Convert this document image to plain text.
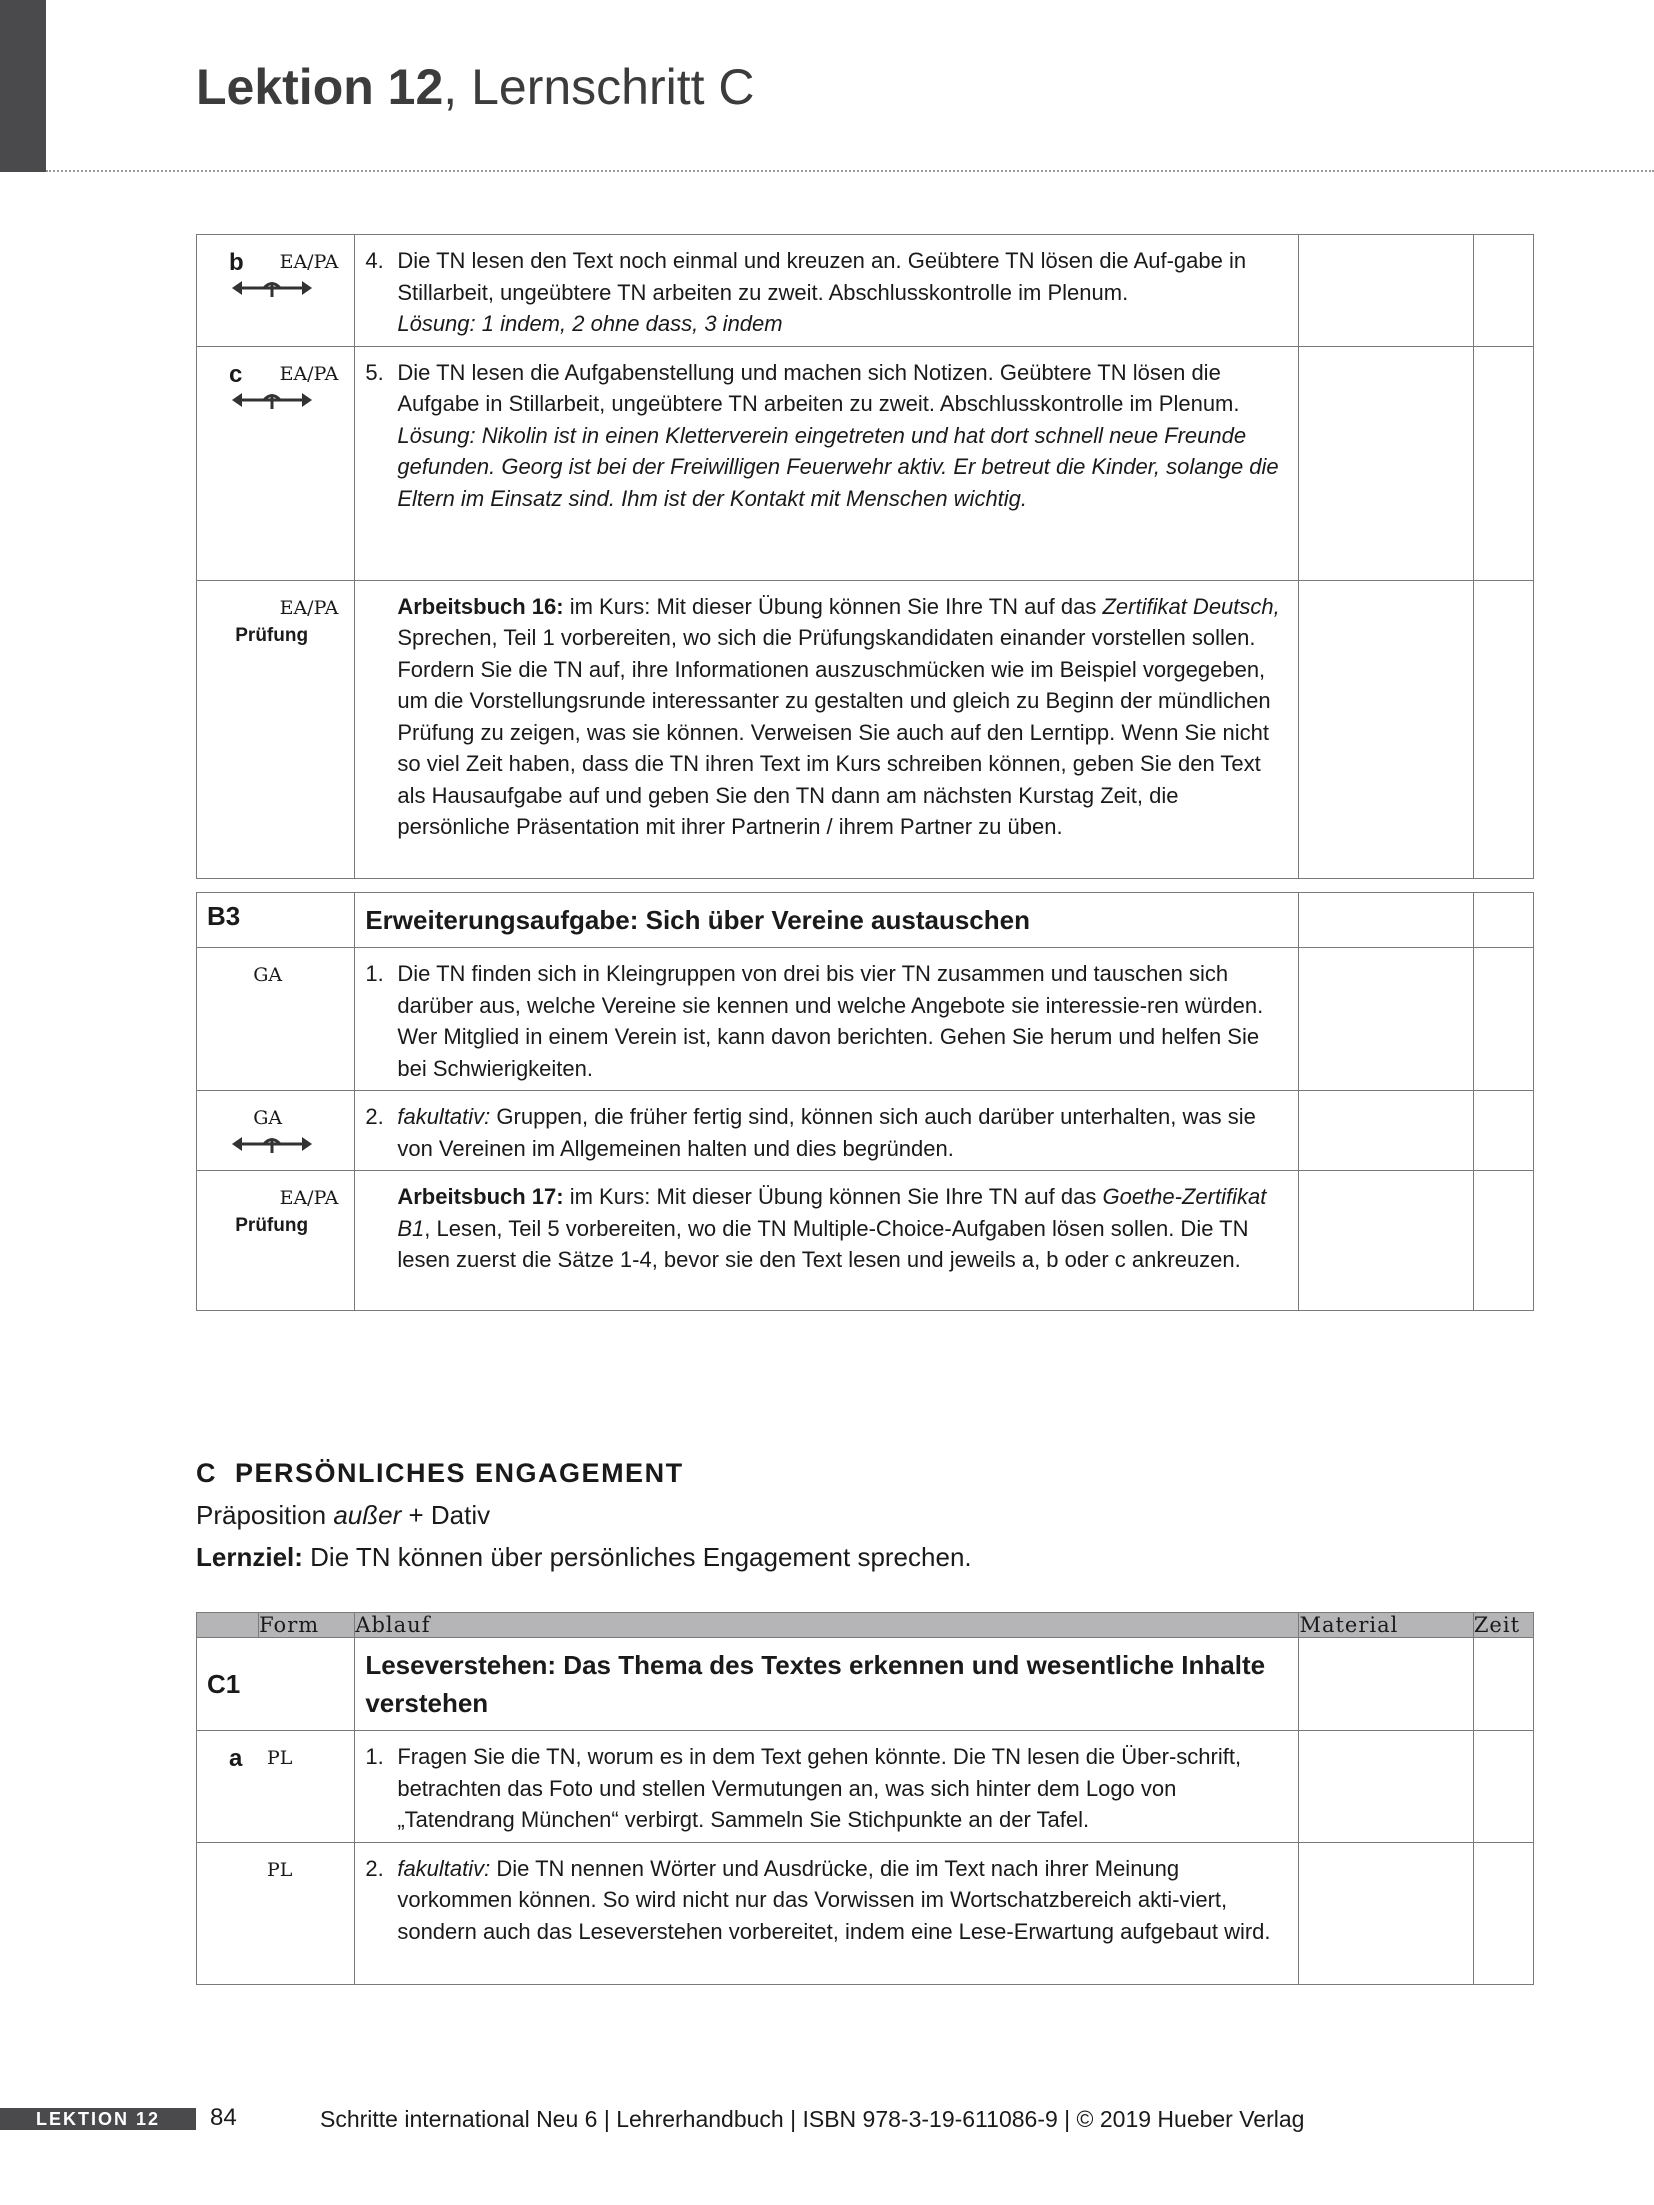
Lektion 12, Lernschritt C
b EA/PA	4. Die TN lesen den Text noch einmal und kreuzen an. Geübtere TN lösen die Auf-gabe in Stillarbeit, ungeübtere TN arbeiten zu zweit. Abschlusskontrolle im Plenum.
Lösung: 1 indem, 2 ohne dass, 3 indem		

c EA/PA	5. Die TN lesen die Aufgabenstellung und machen sich Notizen. Geübtere TN lösen die Aufgabe in Stillarbeit, ungeübtere TN arbeiten zu zweit. Abschlusskontrolle im Plenum.
Lösung: Nikolin ist in einen Kletterverein eingetreten und hat dort schnell neue Freunde gefunden. Georg ist bei der Freiwilligen Feuerwehr aktiv. Er betreut die Kinder, solange die Eltern im Einsatz sind. Ihm ist der Kontakt mit Menschen wichtig.		

EA/PA
Prüfung	Arbeitsbuch 16: im Kurs: Mit dieser Übung können Sie Ihre TN auf das Zertifikat Deutsch, Sprechen, Teil 1 vorbereiten, wo sich die Prüfungskandidaten einander vorstellen sollen. Fordern Sie die TN auf, ihre Informationen auszuschmücken wie im Beispiel vorgegeben, um die Vorstellungsrunde interessanter zu gestalten und gleich zu Beginn der mündlichen Prüfung zu zeigen, was sie können. Verweisen Sie auch auf den Lerntipp. Wenn Sie nicht so viel Zeit haben, dass die TN ihren Text im Kurs schreiben können, geben Sie den Text als Hausaufgabe auf und geben Sie den TN dann am nächsten Kurstag Zeit, die persönliche Präsentation mit ihrer Partnerin / ihrem Partner zu üben.		

B3	Erweiterungsaufgabe: Sich über Vereine austauschen		

GA	1. Die TN finden sich in Kleingruppen von drei bis vier TN zusammen und tauschen sich darüber aus, welche Vereine sie kennen und welche Angebote sie interessie-ren würden. Wer Mitglied in einem Verein ist, kann davon berichten. Gehen Sie herum und helfen Sie bei Schwierigkeiten.		

GA	2. fakultativ: Gruppen, die früher fertig sind, können sich auch darüber unterhalten, was sie von Vereinen im Allgemeinen halten und dies begründen.		

EA/PA
Prüfung	Arbeitsbuch 17: im Kurs: Mit dieser Übung können Sie Ihre TN auf das Goethe-Zertifikat B1, Lesen, Teil 5 vorbereiten, wo die TN Multiple-Choice-Aufgaben lösen sollen. Die TN lesen zuerst die Sätze 1-4, bevor sie den Text lesen und jeweils a, b oder c ankreuzen.		

C PERSÖNLICHES ENGAGEMENT
Präposition außer + Dativ
Lernziel: Die TN können über persönliches Engagement sprechen.
	Form	Ablauf	Material	Zeit

C1		Leseverstehen: Das Thema des Textes erkennen und wesentliche Inhalte verstehen		

a PL		1. Fragen Sie die TN, worum es in dem Text gehen könnte. Die TN lesen die Über-schrift, betrachten das Foto und stellen Vermutungen an, was sich hinter dem Logo von „Tatendrang München“ verbirgt. Sammeln Sie Stichpunkte an der Tafel.		

PL		2. fakultativ: Die TN nennen Wörter und Ausdrücke, die im Text nach ihrer Meinung vorkommen können. So wird nicht nur das Vorwissen im Wortschatzbereich akti-viert, sondern auch das Leseverstehen vorbereitet, indem eine Lese-Erwartung aufgebaut wird.		

LEKTION 12	84	Schritte international Neu 6 | Lehrerhandbuch | ISBN 978-3-19-611086-9 | © 2019 Hueber Verlag
